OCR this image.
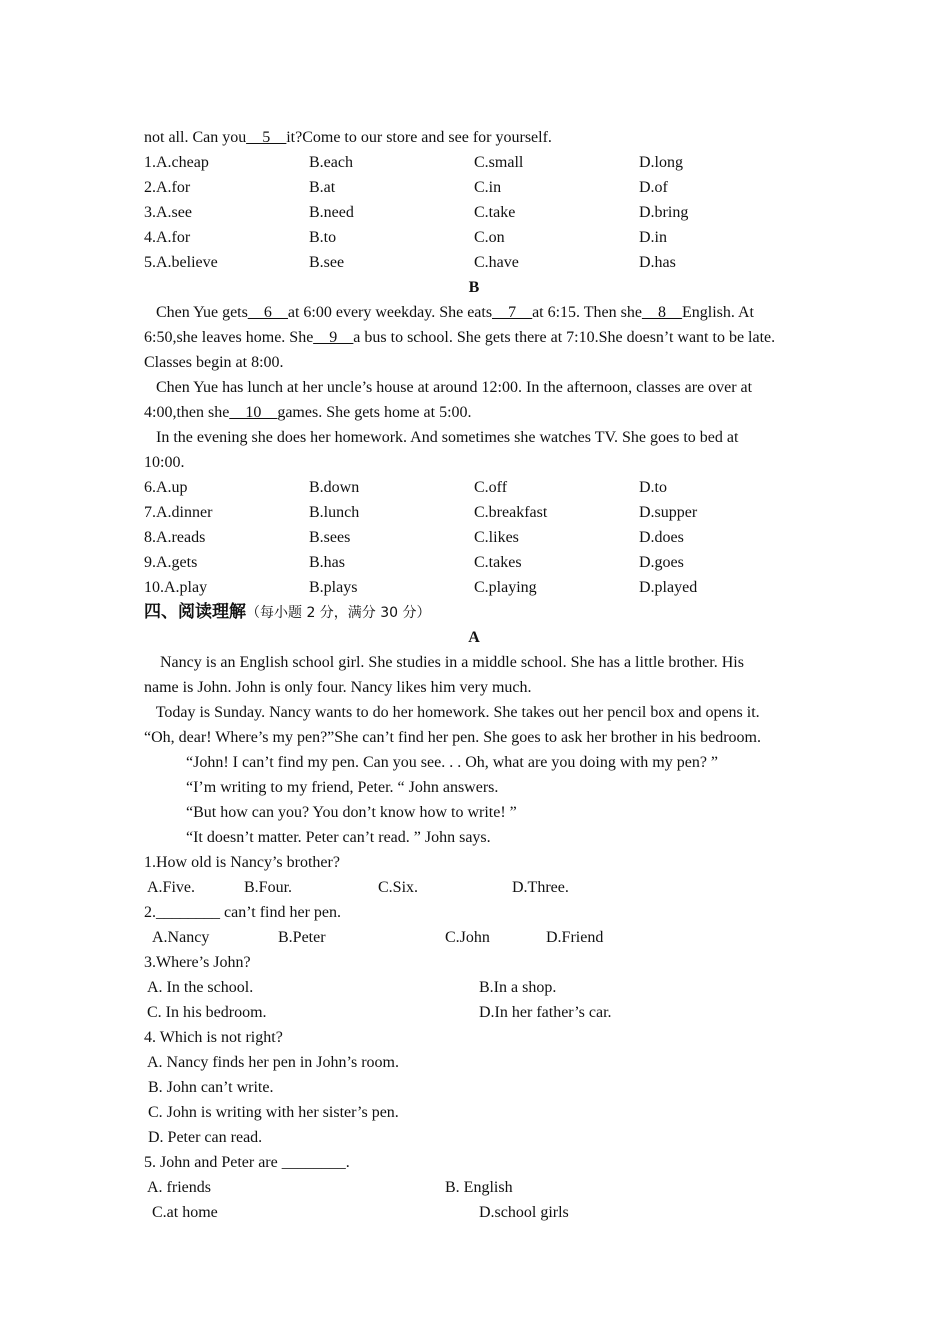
not all. Can you__5__it?Come to our store and see for yourself.
1.A.cheap	B.each	C.small	D.long
2.A.for	B.at	C.in	D.of
3.A.see	B.need	C.take	D.bring
4.A.for	B.to	C.on	D.in
5.A.believe	B.see	C.have	D.has
B
Chen Yue gets__6__at 6:00 every weekday. She eats__7__at 6:15. Then she__8__English. At
6:50,she leaves home. She__9__a bus to school. She gets there at 7:10.She doesn’t want to be late.
Classes begin at 8:00.
Chen Yue has lunch at her uncle’s house at around 12:00. In the afternoon, classes are over at
4:00,then she__10__games. She gets home at 5:00.
In the evening she does her homework. And sometimes she watches TV. She goes to bed at
10:00.
6.A.up	B.down	C.off	D.to
7.A.dinner	B.lunch	C.breakfast	D.supper
8.A.reads	B.sees	C.likes	D.does
9.A.gets	B.has	C.takes	D.goes
10.A.play	B.plays	C.playing	D.played
四、阅读理解（每小题 2 分，满分 30 分）
A
Nancy is an English school girl. She studies in a middle school. She has a little brother. His
name is John. John is only four. Nancy likes him very much.
Today is Sunday. Nancy wants to do her homework. She takes out her pencil box and opens it.
“Oh, dear! Where’s my pen?”She can’t find her pen. She goes to ask her brother in his bedroom.
“John! I can’t find my pen. Can you see. . . Oh, what are you doing with my pen? ”
“I’m writing to my friend, Peter. “ John answers.
“But how can you? You don’t know how to write! ”
“It doesn’t matter. Peter can’t read. ” John says.
1.How old is Nancy’s brother?
A.Five.	B.Four.	C.Six.	D.Three.
2.________ can’t find her pen.
A.Nancy	B.Peter	C.John	D.Friend
3.Where’s John?
A. In the school.	B.In a shop.
C. In his bedroom.	D.In her father’s car.
4. Which is not right?
A. Nancy finds her pen in John’s room.
B. John can’t write.
C. John is writing with her sister’s pen.
D. Peter can read.
5. John and Peter are ________.
A. friends	B. English
C.at home	D.school girls
